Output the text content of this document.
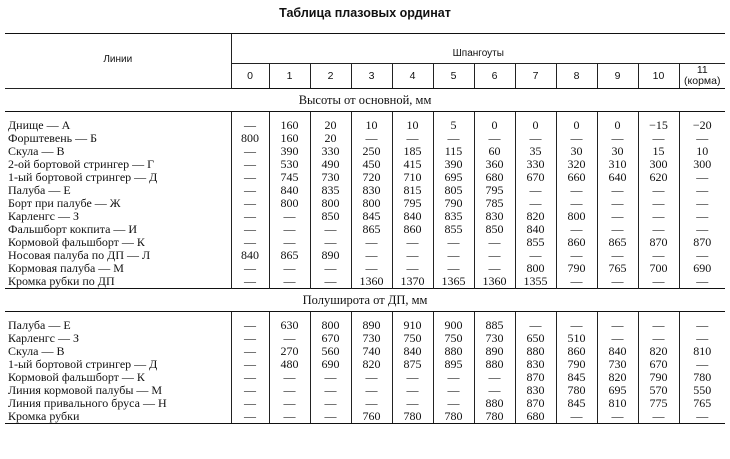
Таблица плазовых ординат
Линии	Шпангоуты											
	0	1	2	3	4	5	6	7	8	9	10	11 (корма)
Высоты от основной, мм												

Днище — А	—	160	20	10	10	5	0	0	0	0	−15	−20
Форштевень — Б	800	160	20	—	—	—	—	—	—	—	—	—
Скула — В	—	390	330	250	185	115	60	35	30	30	15	10
2-ой бортовой стрингер — Г	—	530	490	450	415	390	360	330	320	310	300	300
1-ый бортовой стрингер — Д	—	745	730	720	710	695	680	670	660	640	620	—
Палуба — Е	—	840	835	830	815	805	795	—	—	—	—	—
Борт при палубе — Ж	—	800	800	800	795	790	785	—	—	—	—	—
Карленгс — З	—	—	850	845	840	835	830	820	800	—	—	—
Фальшборт кокпита — И	—	—	—	865	860	855	850	840	—	—	—	—
Кормовой фальшборт — К	—	—	—	—	—	—	—	855	860	865	870	870
Носовая палуба по ДП — Л	840	865	890	—	—	—	—	—	—	—	—	—
Кормовая палуба — М	—	—	—	—	—	—	—	800	790	765	700	690
Кромка рубки по ДП	—	—	—	1360	1370	1365	1360	1355	—	—	—	—
Полуширота от ДП, мм												

Палуба — Е	—	630	800	890	910	900	885	—	—	—	—	—
Карленгс — З	—	—	670	730	750	750	730	650	510	—	—	—
Скула — В	—	270	560	740	840	880	890	880	860	840	820	810
1-ый бортовой стрингер — Д	—	480	690	820	875	895	880	830	790	730	670	—
Кормовой фальшборт — К	—	—	—	—	—	—	—	870	845	820	790	780
Линия кормовой палубы — М	—	—	—	—	—	—	—	830	780	695	570	550
Линия привального бруса — Н	—	—	—	—	—	—	880	870	845	810	775	765
Кромка рубки	—	—	—	760	780	780	780	680	—	—	—	—
